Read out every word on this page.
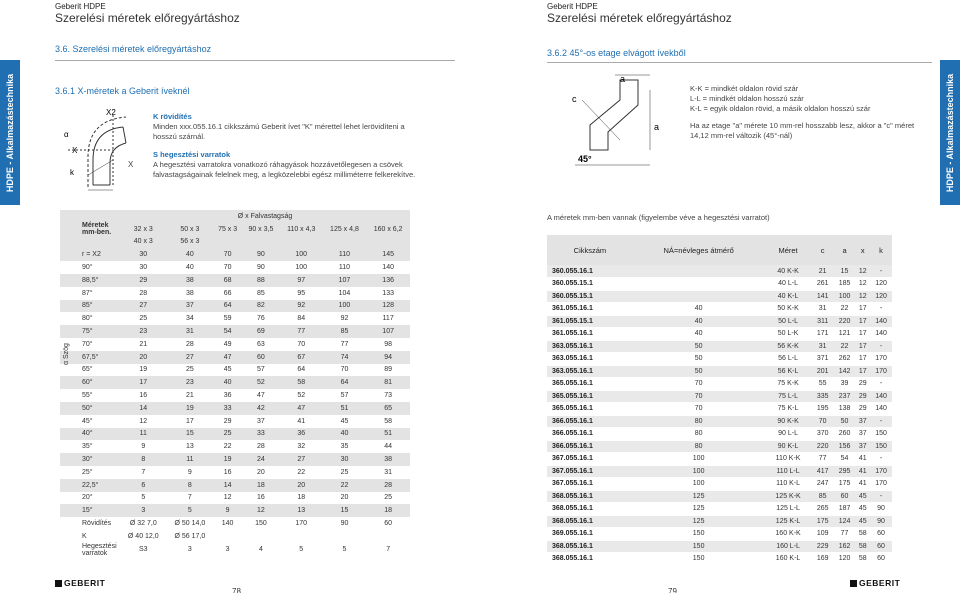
HDPE - Alkalmazástechnika	HDPE - Alkalmazástechnika
Geberit HDPE
Szerelési méretek előregyártáshoz
Geberit HDPE
Szerelési méretek előregyártáshoz
3.6. Szerelési méretek előregyártáshoz	3.6.2 45°-os etage elvágott ívekből
3.6.1 X-méretek a Geberit íveknél
X2
α
X
k
X
K rövidítés
Minden xxx.055.16.1 cikkszámú Geberit ívet "K" mérettel lehet lerövidíteni a hosszú szárnál.
S hegesztési varratok
A hegesztési varratokra vonatkozó ráhagyások hozzávetőlegesen a csövek falvastagságainak felelnek meg, a legközelebbi egész milliméterre felkerekítve.
a
c
a
45°
K-K = mindkét oldalon rövid szár
L-L = mindkét oldalon hosszú szár
K-L = egyik oldalon rövid, a másik oldalon hosszú szár
Ha az etage "a" mérete 10 mm-rel hosszabb lesz, akkor a "c" méret 14,12 mm-rel változik (45°-nál)
A méretek mm-ben vannak (figyelembe véve a hegesztési varratot)
Méretek mm-ben.	Ø x Falvastagság						
	32 x 3	50 x 3	75 x 3	90 x 3,5	110 x 4,3	125 x 4,8	160 x 6,2
	40 x 3	56 x 3					
r = X2	30	40	70	90	100	110	145
90°	30	40	70	90	100	110	140
88,5°	29	38	68	88	97	107	136
87°	28	38	66	85	95	104	133
85°	27	37	64	82	92	100	128
80°	25	34	59	76	84	92	117
75°	23	31	54	69	77	85	107
70°	21	28	49	63	70	77	98
67,5°	20	27	47	60	67	74	94
65°	19	25	45	57	64	70	89
60°	17	23	40	52	58	64	81
55°	16	21	36	47	52	57	73
50°	14	19	33	42	47	51	65
45°	12	17	29	37	41	45	58
40°	11	15	25	33	36	40	51
35°	9	13	22	28	32	35	44
30°	8	11	19	24	27	30	38
25°	7	9	16	20	22	25	31
22,5°	6	8	14	18	20	22	28
20°	5	7	12	16	18	20	25
15°	3	5	9	12	13	15	18
Rövidítés	Ø 32 7,0	Ø 50 14,0	140	150	170	90	60
K	Ø 40 12,0	Ø 56 17,0					
Hegesztési varratok	S3	3	3	4	5	5	7
α Szög
Cikkszám	NÁ=névleges átmérő	Méret	c	a	x	k
360.055.16.1		40 K-K	21	15	12	-
360.055.15.1		40 L-L	261	185	12	120
360.055.15.1		40 K-L	141	100	12	120
361.055.16.1	40	50 K-K	31	22	17	-
361.055.15.1	40	50 L-L	311	220	17	140
361.055.16.1	40	50 L-K	171	121	17	140
363.055.16.1	50	56 K-K	31	22	17	-
363.055.16.1	50	56 L-L	371	262	17	170
363.055.16.1	50	56 K-L	201	142	17	170
365.055.16.1	70	75 K-K	55	39	29	-
365.055.16.1	70	75 L-L	335	237	29	140
365.055.16.1	70	75 K-L	195	138	29	140
366.055.16.1	80	90 K-K	70	50	37	-
366.055.16.1	80	90 L-L	370	260	37	150
366.055.16.1	80	90 K-L	220	156	37	150
367.055.16.1	100	110 K-K	77	54	41	-
367.055.16.1	100	110 L-L	417	295	41	170
367.055.16.1	100	110 K-L	247	175	41	170
368.055.16.1	125	125 K-K	85	60	45	-
368.055.16.1	125	125 L-L	265	187	45	90
368.055.16.1	125	125 K-L	175	124	45	90
369.055.16.1	150	160 K-K	109	77	58	60
368.055.16.1	150	160 L-L	229	162	58	60
368.055.16.1	150	160 K-L	169	120	58	60
GEBERIT
78	79
GEBERIT
